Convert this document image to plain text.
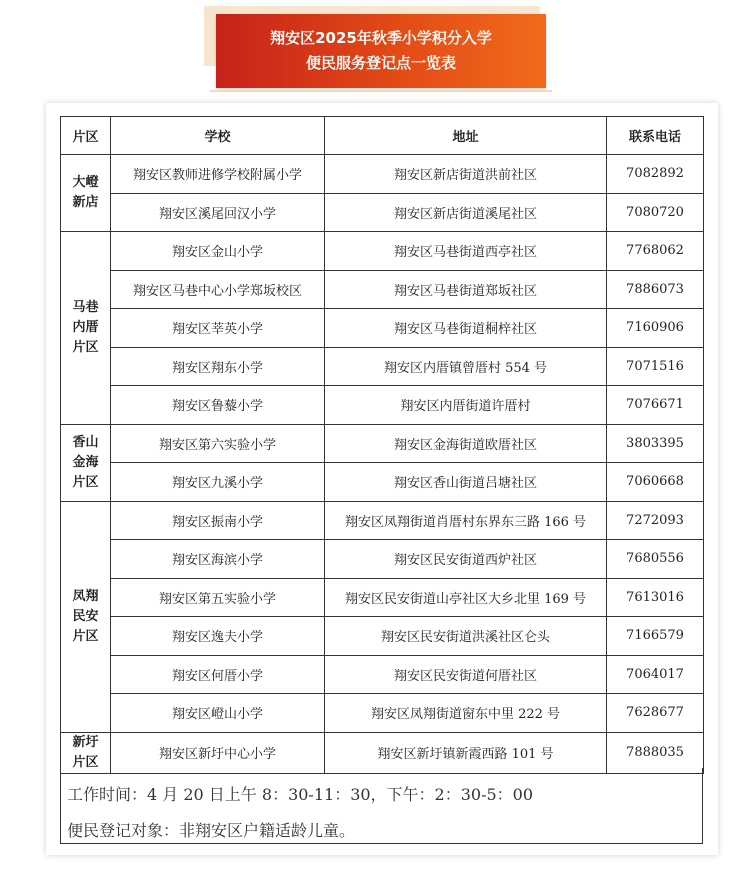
翔安区2025年秋季小学积分入学
便民服务登记点一览表
片区	学校	地址	联系电话

大嶝
新店	翔安区教师进修学校附属小学	翔安区新店街道洪前社区	7082892
	翔安区溪尾回汉小学	翔安区新店街道溪尾社区	7080720

马巷
内厝
片区	翔安区金山小学	翔安区马巷街道西亭社区	7768062
	翔安区马巷中心小学郑坂校区	翔安区马巷街道郑坂社区	7886073
	翔安区莘英小学	翔安区马巷街道桐梓社区	7160906
	翔安区翔东小学	翔安区内厝镇曾厝村 554 号	7071516
	翔安区鲁藜小学	翔安区内厝街道许厝村	7076671

香山
金海
片区	翔安区第六实验小学	翔安区金海街道欧厝社区	3803395
	翔安区九溪小学	翔安区香山街道吕塘社区	7060668

凤翔
民安
片区	翔安区振南小学	翔安区凤翔街道肖厝村东界东三路 166 号	7272093
	翔安区海滨小学	翔安区民安街道西炉社区	7680556
	翔安区第五实验小学	翔安区民安街道山亭社区大乡北里 169 号	7613016
	翔安区逸夫小学	翔安区民安街道洪溪社区仑头	7166579
	翔安区何厝小学	翔安区民安街道何厝社区	7064017
	翔安区嶝山小学	翔安区凤翔街道窗东中里 222 号	7628677

新圩
片区	翔安区新圩中心小学	翔安区新圩镇新霞西路 101 号	7888035
工作时间：4 月 20 日上午 8：30-11：30，下午：2：30-5：00
便民登记对象：非翔安区户籍适龄儿童。
